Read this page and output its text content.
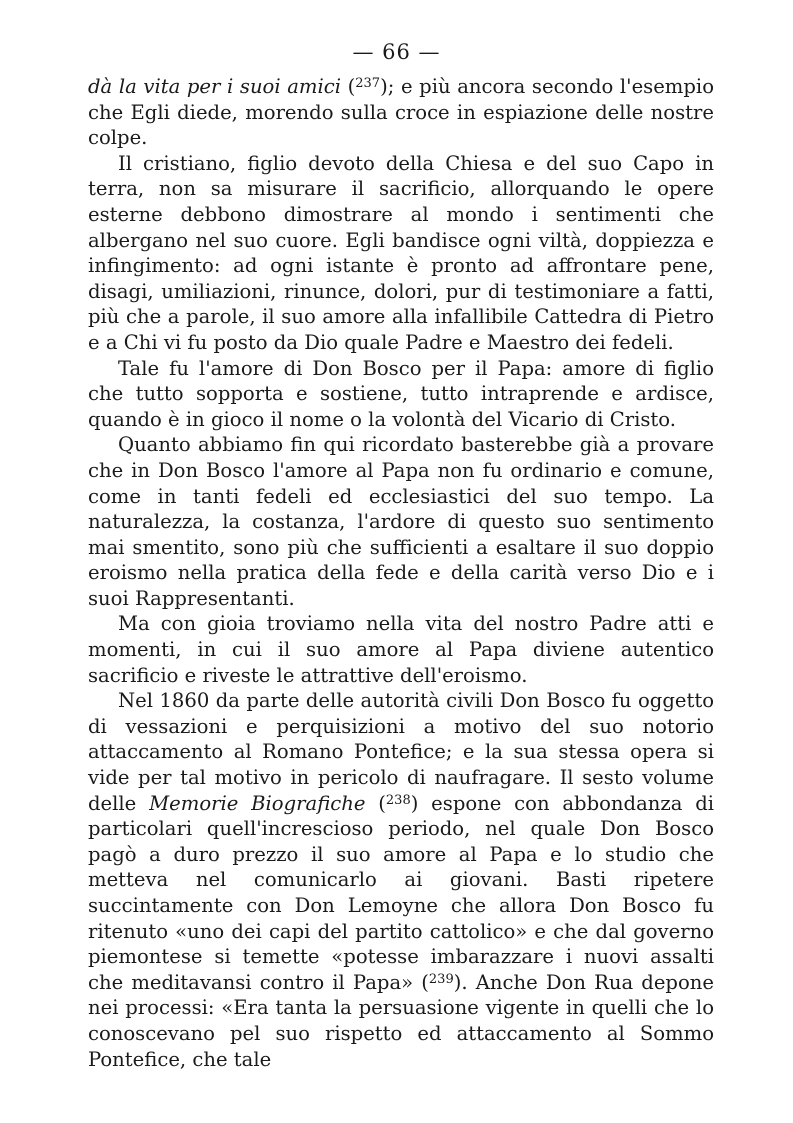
— 66 —

dà la vita per i suoi amici ($^{237}$); e più ancora secondo l'esempio che Egli diede, morendo sulla croce in espiazione delle nostre colpe.

Il cristiano, figlio devoto della Chiesa e del suo Capo in terra, non sa misurare il sacrificio, allorquando le opere esterne debbono dimostrare al mondo i sentimenti che albergano nel suo cuore. Egli bandisce ogni viltà, doppiezza e infingimento: ad ogni istante è pronto ad affrontare pene, disagi, umiliazioni, rinunce, dolori, pur di testimoniare a fatti, più che a parole, il suo amore alla infallibile Cattedra di Pietro e a Chi vi fu posto da Dio quale Padre e Maestro dei fedeli.

Tale fu l'amore di Don Bosco per il Papa: amore di figlio che tutto sopporta e sostiene, tutto intraprende e ardisce, quando è in gioco il nome o la volontà del Vicario di Cristo.

Quanto abbiamo fin qui ricordato basterebbe già a provare che in Don Bosco l'amore al Papa non fu ordinario e comune, come in tanti fedeli ed ecclesiastici del suo tempo. La naturalezza, la costanza, l'ardore di questo suo sentimento mai smentito, sono più che sufficienti a esaltare il suo doppio eroismo nella pratica della fede e della carità verso Dio e i suoi Rappresentanti.

Ma con gioia troviamo nella vita del nostro Padre atti e momenti, in cui il suo amore al Papa diviene autentico sacrificio e riveste le attrattive dell'eroismo.

Nel 1860 da parte delle autorità civili Don Bosco fu oggetto di vessazioni e perquisizioni a motivo del suo notorio attaccamento al Romano Pontefice; e la sua stessa opera si vide per tal motivo in pericolo di naufragare. Il sesto volume delle Memorie Biografiche ($^{238}$) espone con abbondanza di particolari quell'increscioso periodo, nel quale Don Bosco pagò a duro prezzo il suo amore al Papa e lo studio che metteva nel comunicarlo ai giovani. Basti ripetere succintamente con Don Lemoyne che allora Don Bosco fu ritenuto «uno dei capi del partito cattolico» e che dal governo piemontese si temette «potesse imbarazzare i nuovi assalti che meditavansi contro il Papa» ($^{239}$). Anche Don Rua depone nei processi: «Era tanta la persuasione vigente in quelli che lo conoscevano pel suo rispetto ed attaccamento al Sommo Pontefice, che tale
